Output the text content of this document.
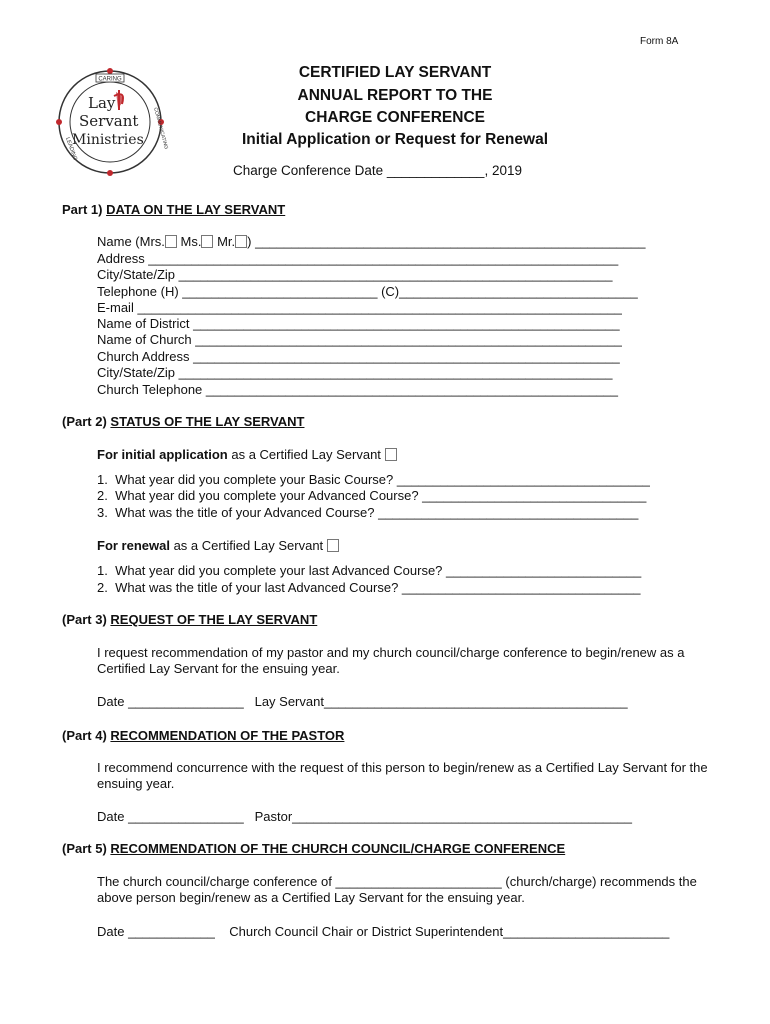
Form 8A
CARING
LEADING	COMMUNICATING
Lay
Servant
Ministries
CERTIFIED LAY SERVANT
ANNUAL REPORT TO THE
CHARGE CONFERENCE
Initial Application or Request for Renewal
Charge Conference Date _____________, 2019
Part 1) DATA ON THE LAY SERVANT
Name (Mrs. Ms. Mr. ) ______________________________________________________
Address _________________________________________________________________
City/State/Zip ____________________________________________________________
Telephone (H) ___________________________ (C)_________________________________
E-mail ___________________________________________________________________
Name of District ___________________________________________________________
Name of Church ___________________________________________________________
Church Address ___________________________________________________________
City/State/Zip ____________________________________________________________
Church Telephone _________________________________________________________
(Part 2) STATUS OF THE LAY SERVANT
For initial application as a Certified Lay Servant
1.  What year did you complete your Basic Course? ___________________________________
2.  What year did you complete your Advanced Course? _______________________________
3.  What was the title of your Advanced Course? ____________________________________
For renewal as a Certified Lay Servant
1.  What year did you complete your last Advanced Course? ___________________________
2.  What was the title of your last Advanced Course? _________________________________
(Part 3) REQUEST OF THE LAY SERVANT
I request recommendation of my pastor and my church council/charge conference to begin/renew as a Certified Lay Servant for the ensuing year.
Date ________________   Lay Servant__________________________________________
(Part 4) RECOMMENDATION OF THE PASTOR
I recommend concurrence with the request of this person to begin/renew as a Certified Lay Servant for the ensuing year.
Date ________________   Pastor_______________________________________________
(Part 5) RECOMMENDATION OF THE CHURCH COUNCIL/CHARGE CONFERENCE
The church council/charge conference of _______________________ (church/charge) recommends the above person begin/renew as a Certified Lay Servant for the ensuing year.
Date ____________    Church Council Chair or District Superintendent_______________________
